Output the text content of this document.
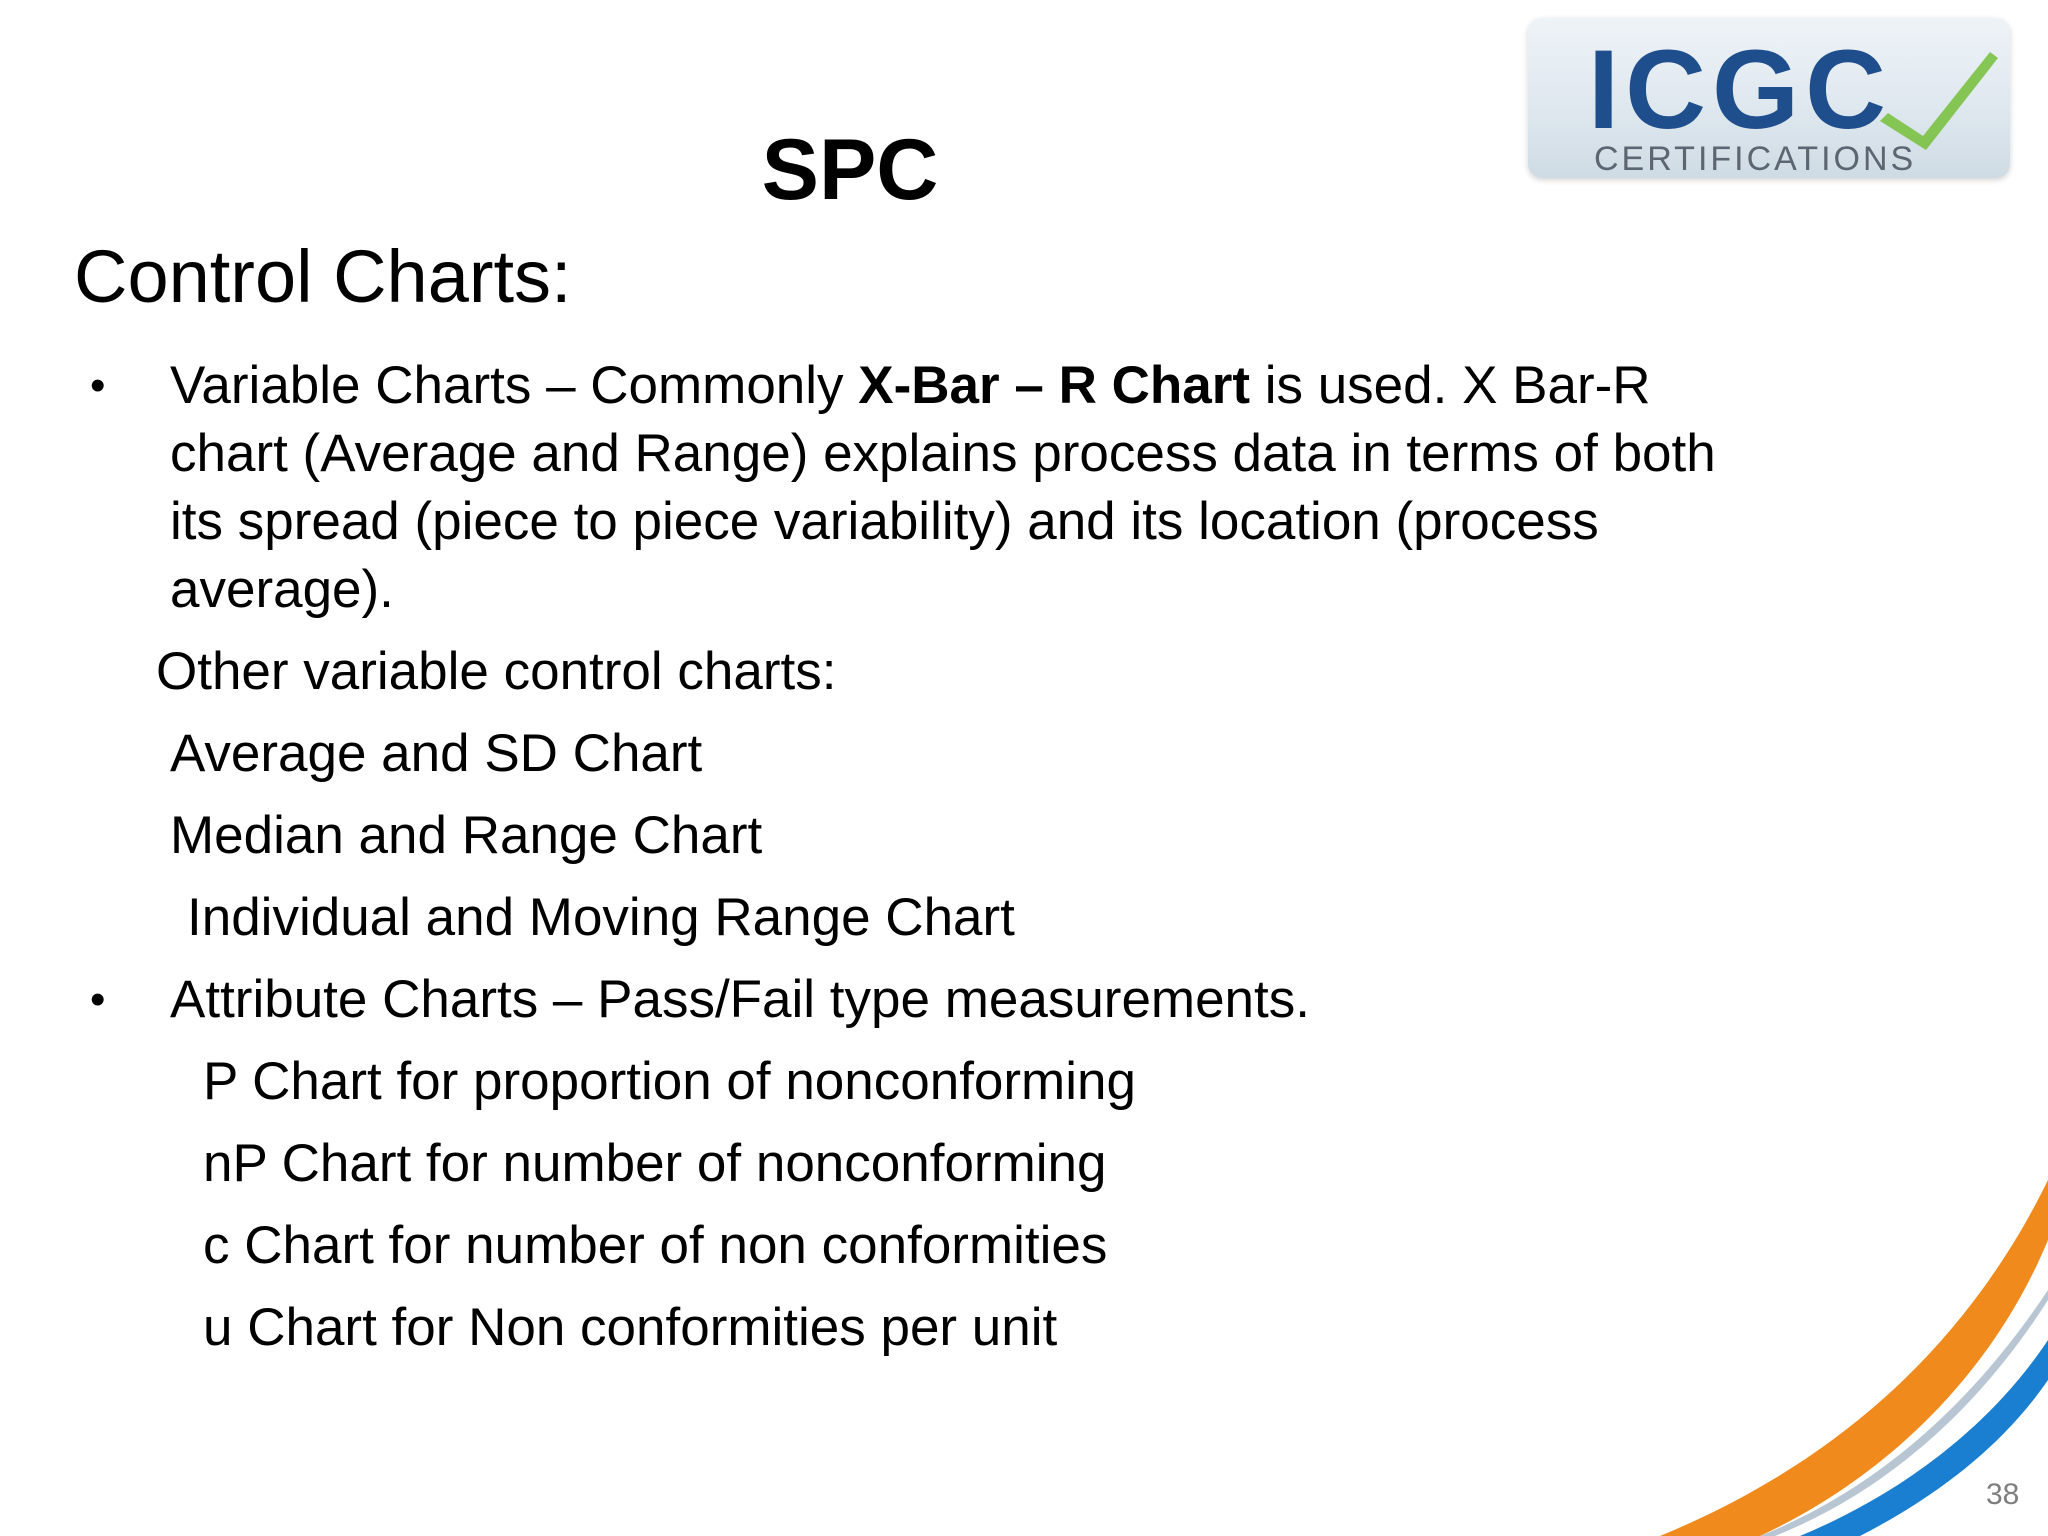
ICGC
CERTIFICATIONS
SPC
Control Charts:
• Variable Charts – Commonly X-Bar – R Chart is used. X Bar-R
chart (Average and Range) explains process data in terms of both
its spread (piece to piece variability) and its location (process
average).
Other variable control charts:
Average and SD Chart
Median and Range Chart
Individual and Moving Range Chart
• Attribute Charts – Pass/Fail type measurements.
P Chart for proportion of nonconforming
nP Chart for number of nonconforming
c Chart for number of non conformities
u Chart for Non conformities per unit
38
